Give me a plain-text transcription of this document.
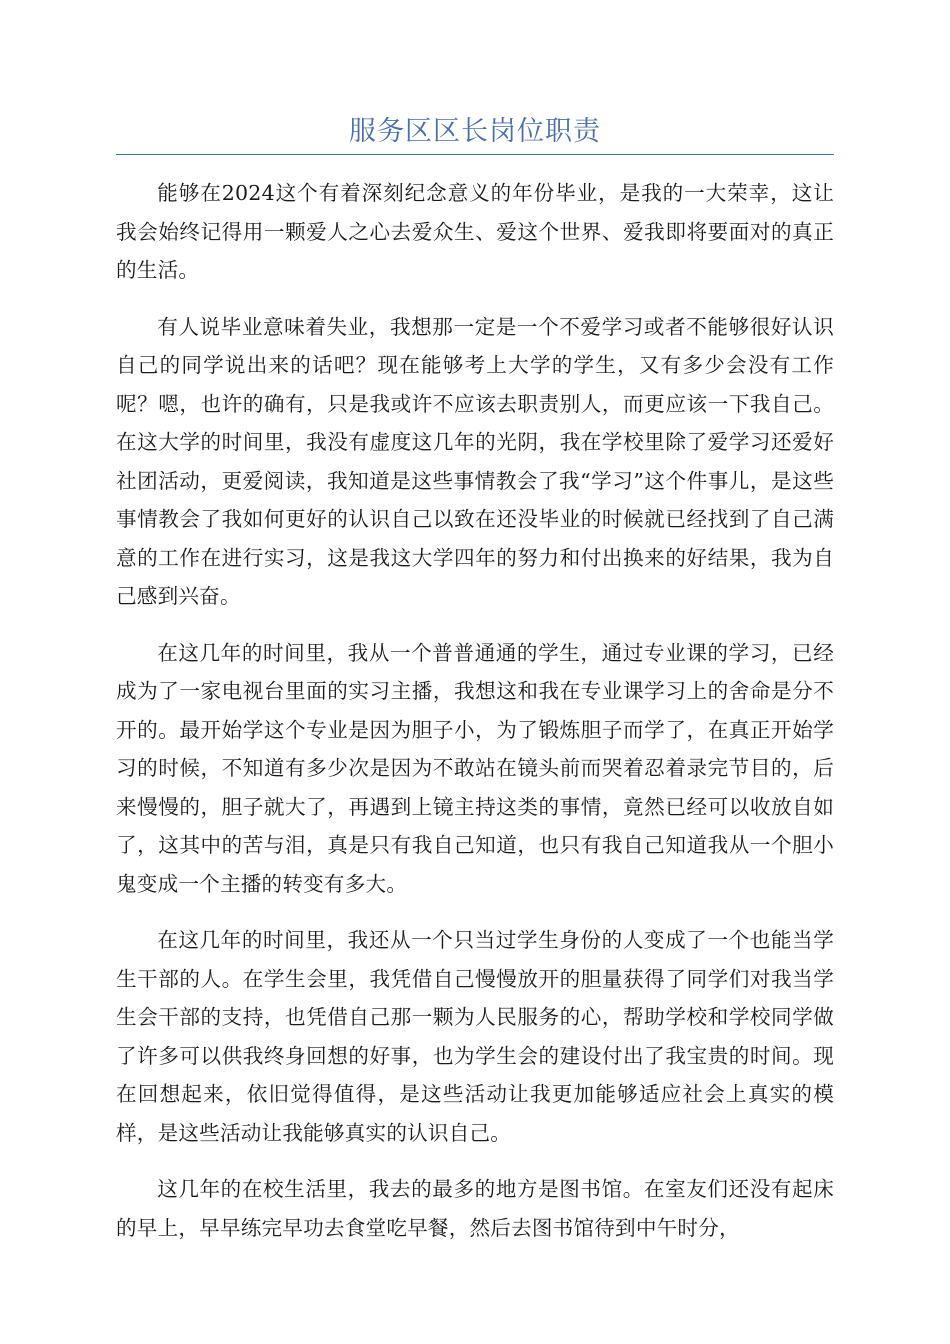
服务区区长岗位职责

能够在2024这个有着深刻纪念意义的年份毕业，是我的一大荣幸，这让我会始终记得用一颗爱人之心去爱众生、爱这个世界、爱我即将要面对的真正的生活。

有人说毕业意味着失业，我想那一定是一个不爱学习或者不能够很好认识自己的同学说出来的话吧？现在能够考上大学的学生，又有多少会没有工作呢？嗯，也许的确有，只是我或许不应该去职责别人，而更应该一下我自己。在这大学的时间里，我没有虚度这几年的光阴，我在学校里除了爱学习还爱好社团活动，更爱阅读，我知道是这些事情教会了我“学习”这个件事儿，是这些事情教会了我如何更好的认识自己以致在还没毕业的时候就已经找到了自己满意的工作在进行实习，这是我这大学四年的努力和付出换来的好结果，我为自己感到兴奋。

在这几年的时间里，我从一个普普通通的学生，通过专业课的学习，已经成为了一家电视台里面的实习主播，我想这和我在专业课学习上的舍命是分不开的。最开始学这个专业是因为胆子小，为了锻炼胆子而学了，在真正开始学习的时候，不知道有多少次是因为不敢站在镜头前而哭着忍着录完节目的，后来慢慢的，胆子就大了，再遇到上镜主持这类的事情，竟然已经可以收放自如了，这其中的苦与泪，真是只有我自己知道，也只有我自己知道我从一个胆小鬼变成一个主播的转变有多大。

在这几年的时间里，我还从一个只当过学生身份的人变成了一个也能当学生干部的人。在学生会里，我凭借自己慢慢放开的胆量获得了同学们对我当学生会干部的支持，也凭借自己那一颗为人民服务的心，帮助学校和学校同学做了许多可以供我终身回想的好事，也为学生会的建设付出了我宝贵的时间。现在回想起来，依旧觉得值得，是这些活动让我更加能够适应社会上真实的模样，是这些活动让我能够真实的认识自己。

这几年的在校生活里，我去的最多的地方是图书馆。在室友们还没有起床的早上，早早练完早功去食堂吃早餐，然后去图书馆待到中午时分，
